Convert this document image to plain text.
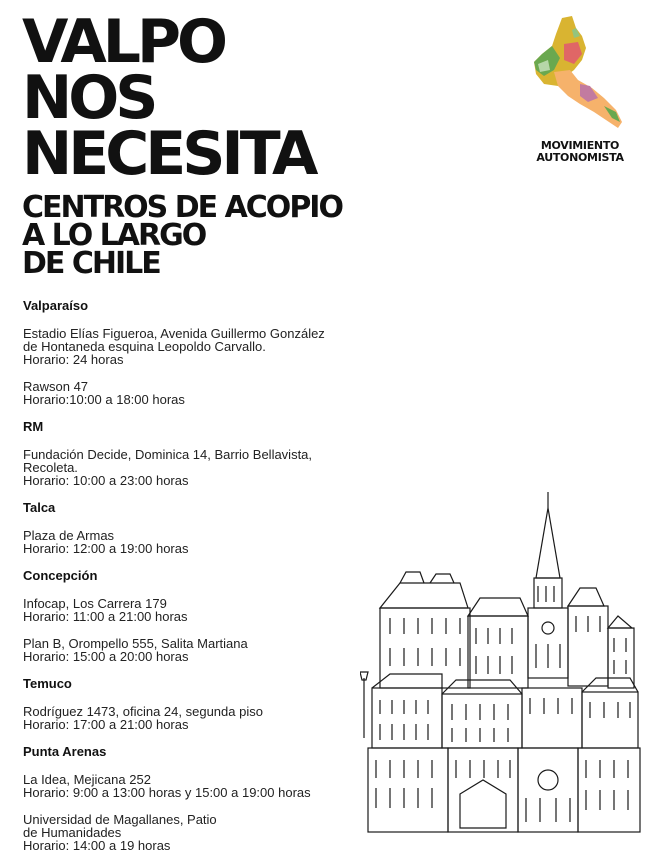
VALPO
NOS
NECESITA
CENTROS DE ACOPIO
A LO LARGO
DE CHILE
MOVIMIENTO
AUTONOMISTA
Valparaíso
Estadio Elías Figueroa, Avenida Guillermo González
de Hontaneda esquina Leopoldo Carvallo.
Horario: 24 horas
Rawson 47
Horario:10:00 a 18:00 horas
RM
Fundación Decide, Dominica 14, Barrio Bellavista,
Recoleta.
Horario: 10:00 a 23:00 horas
Talca
Plaza de Armas
Horario: 12:00 a 19:00 horas
Concepción
Infocap, Los Carrera 179
Horario: 11:00 a 21:00 horas
Plan B, Orompello 555, Salita Martiana
Horario: 15:00 a 20:00 horas
Temuco
Rodríguez 1473, oficina 24, segunda piso
Horario: 17:00 a 21:00 horas
Punta Arenas
La Idea, Mejicana 252
Horario: 9:00 a 13:00 horas y 15:00 a 19:00 horas
Universidad de Magallanes, Patio
de Humanidades
Horario: 14:00 a 19 horas
